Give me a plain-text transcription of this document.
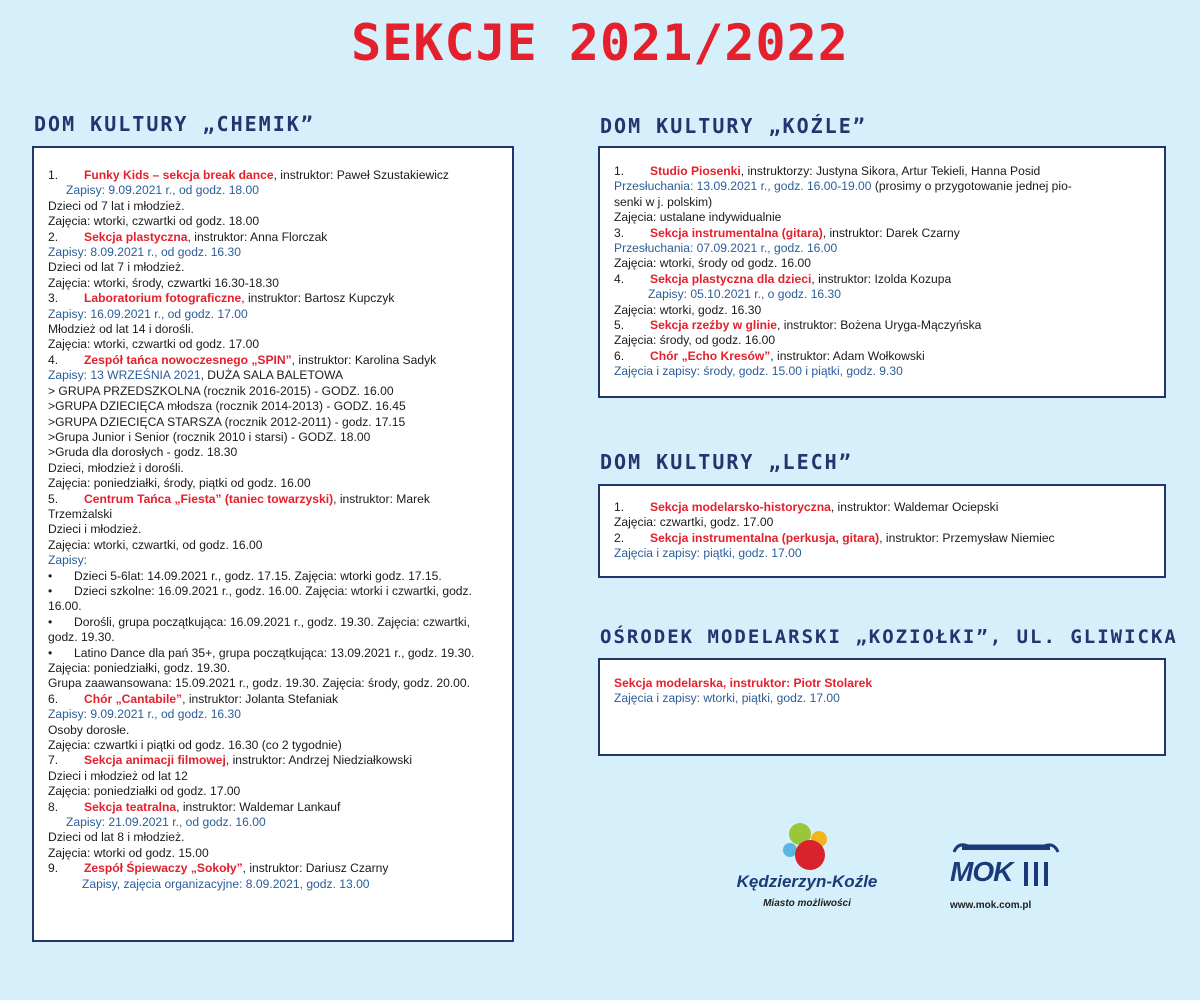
SEKCJE 2021/2022
DOM KULTURY „CHEMIK”
1. Funky Kids – sekcja break dance, instruktor: Paweł Szustakiewicz
Zapisy: 9.09.2021 r., od godz. 18.00
Dzieci od 7 lat i młodzież.
Zajęcia: wtorki, czwartki od godz. 18.00
2. Sekcja plastyczna, instruktor: Anna Florczak
Zapisy: 8.09.2021 r., od godz. 16.30
Dzieci od lat 7 i młodzież.
Zajęcia: wtorki, środy, czwartki 16.30-18.30
3. Laboratorium fotograficzne, instruktor: Bartosz Kupczyk
Zapisy: 16.09.2021 r., od godz. 17.00
Młodzież od lat 14 i dorośli.
Zajęcia: wtorki, czwartki od godz. 17.00
4. Zespół tańca nowoczesnego „SPIN”, instruktor: Karolina Sadyk
Zapisy: 13 WRZEŚNIA 2021, DUŻA SALA BALETOWA
> GRUPA PRZEDSZKOLNA (rocznik 2016-2015) - GODZ. 16.00
>GRUPA DZIECIĘCA młodsza (rocznik 2014-2013) - GODZ. 16.45
>GRUPA DZIECIĘCA STARSZA (rocznik 2012-2011) - godz. 17.15
>Grupa Junior i Senior (rocznik 2010 i starsi) - GODZ. 18.00
>Gruda dla dorosłych - godz. 18.30
Dzieci, młodzież i dorośli.
Zajęcia: poniedziałki, środy, piątki od godz. 16.00
5. Centrum Tańca „Fiesta” (taniec towarzyski), instruktor: Marek
Trzemżalski
Dzieci i młodzież.
Zajęcia: wtorki, czwartki, od godz. 16.00
Zapisy:
• Dzieci 5-6lat: 14.09.2021 r., godz. 17.15. Zajęcia: wtorki godz. 17.15.
• Dzieci szkolne: 16.09.2021 r., godz. 16.00. Zajęcia: wtorki i czwartki, godz. 16.00.
• Dorośli, grupa początkująca: 16.09.2021 r., godz. 19.30. Zajęcia: czwartki, godz. 19.30.
• Latino Dance dla pań 35+, grupa początkująca: 13.09.2021 r., godz. 19.30. Zajęcia: poniedziałki, godz. 19.30.
Grupa zaawansowana: 15.09.2021 r., godz. 19.30. Zajęcia: środy, godz. 20.00.
6. Chór „Cantabile”, instruktor: Jolanta Stefaniak
Zapisy: 9.09.2021 r., od godz. 16.30
Osoby dorosłe.
Zajęcia: czwartki i piątki od godz. 16.30 (co 2 tygodnie)
7. Sekcja animacji filmowej, instruktor: Andrzej Niedziałkowski
Dzieci i młodzież od lat 12
Zajęcia: poniedziałki od godz. 17.00
8. Sekcja teatralna, instruktor: Waldemar Lankauf
Zapisy: 21.09.2021 r., od godz. 16.00
Dzieci od lat 8 i młodzież.
Zajęcia: wtorki od godz. 15.00
9. Zespół Śpiewaczy „Sokoły”, instruktor: Dariusz Czarny
Zapisy, zajęcia organizacyjne: 8.09.2021, godz. 13.00
DOM KULTURY „KOŹLE”
1. Studio Piosenki, instruktorzy: Justyna Sikora, Artur Tekieli, Hanna Posid
Przesłuchania: 13.09.2021 r., godz. 16.00-19.00 (prosimy o przygotowanie jednej pio-
senki w j. polskim)
Zajęcia: ustalane indywidualnie
3. Sekcja instrumentalna (gitara), instruktor: Darek Czarny
Przesłuchania: 07.09.2021 r., godz. 16.00
Zajęcia: wtorki, środy od godz. 16.00
4. Sekcja plastyczna dla dzieci, instruktor: Izolda Kozupa
Zapisy: 05.10.2021 r., o godz. 16.30
Zajęcia: wtorki, godz. 16.30
5. Sekcja rzeźby w glinie, instruktor: Bożena Uryga-Mączyńska
Zajęcia: środy, od godz. 16.00
6. Chór „Echo Kresów”, instruktor: Adam Wołkowski
Zajęcia i zapisy: środy, godz. 15.00 i piątki, godz. 9.30
DOM KULTURY „LECH”
1. Sekcja modelarsko-historyczna, instruktor: Waldemar Ociepski
Zajęcia: czwartki, godz. 17.00
2. Sekcja instrumentalna (perkusja, gitara), instruktor: Przemysław Niemiec
Zajęcia i zapisy: piątki, godz. 17.00
OŚRODEK MODELARSKI „KOZIOŁKI”, UL. GLIWICKA
Sekcja modelarska, instruktor: Piotr Stolarek
Zajęcia i zapisy: wtorki, piątki, godz. 17.00
Kędzierzyn-Koźle
Miasto możliwości
MOK
www.mok.com.pl
